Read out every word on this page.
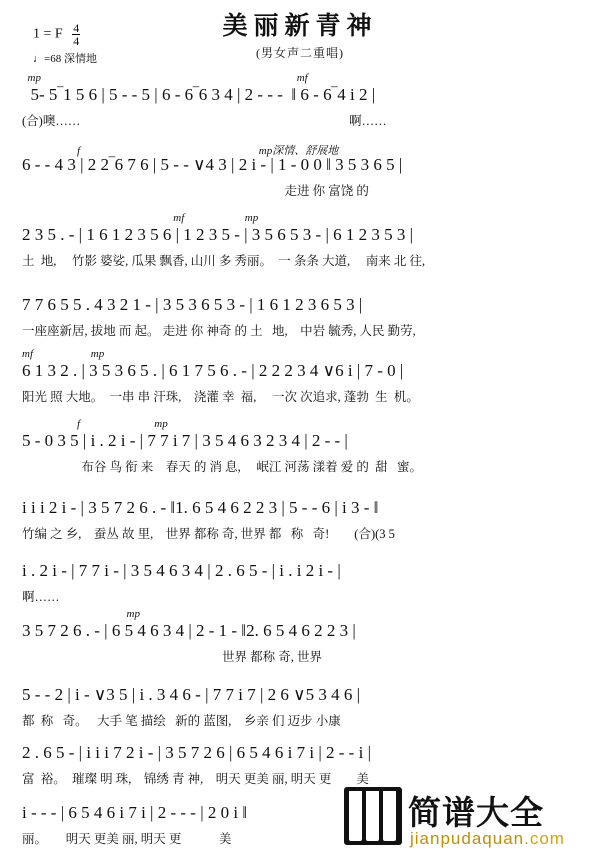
1 = F $\frac{4}{4}$	美丽新青神
(男女声二重唱)
♩=68 深情地
mp                                                                                             mf
5- 5‾1 5 6 | 5 - - 5 | 6 - 6‾6 3 4 | 2 - - -  ‖ 6 - 6‾4 i 2 |
(合)噢……                                                                                      啊……
f                                                                 mp深情、舒展地
6 - - 4 3 | 2 2‾6 7 6 | 5 - - ∨4 3 | 2 i - | 1 - 0 0 ‖ 3 5 3 6 5 |
走进 你 富饶 的
mf                      mp
2 3 5 . - | 1 6 1 2 3 5 6 | 1 2 3 5 - | 3 5 6 5 3 - | 6 1 2 3 5 3 |
土  地,     竹影 婆娑, 瓜果 飘香, 山川 多 秀丽。  一 条条 大道,     南来 北 往,
7 7 6 5 5 . 4 3 2 1 - | 3 5 3 6 5 3 - | 1 6 1 2 3 6 5 3 |
一座座新居, 拔地 而 起。 走进 你 神奇 的 土   地,    中岩 毓秀, 人民 勤劳,
mf                     mp
6 1 3 2 . | 3 5 3 6 5 . | 6 1 7 5 6 . - | 2 2 2 3 4 ∨6 i | 7 - 0 |
阳光 照 大地。  一串 串 汗珠,    浇灌 幸  福,     一次 次追求, 蓬勃  生  机。
f                           mp
5 - 0 3 5 | i . 2 i - | 7 7 i 7 | 3 5 4 6 3 2 3 4 | 2 - - |
布谷 鸟 衔 来    春天 的 消 息,     岷江 河荡 漾着 爱 的  甜   蜜。
i i i 2 i - | 3 5 7 2 6 . - ‖1. 6 5 4 6 2 2 3 | 5 - - 6 | i 3 - ‖
竹编 之 乡,    蚕丛 故 里,    世界 都称 奇, 世界 都   称   奇!        (合)(3 5
i . 2 i - | 7 7 i - | 3 5 4 6 3 4 | 2 . 6 5 - | i . i 2 i - |
啊……
mp
3 5 7 2 6 . - | 6 5 4 6 3 4 | 2 - 1 - ‖2. 6 5 4 6 2 2 3 |
世界 都称 奇, 世界
5 - - 2 | i - ∨3 5 | i . 3 4 6 - | 7 7 i 7 | 2 6 ∨5 3 4 6 |
都  称   奇。   大手 笔 描绘   新的 蓝图,    乡亲 们 迈步 小康
2 . 6 5 - | i i i 7 2 i - | 3 5 7 2 6 | 6 5 4 6 i 7 i | 2 - - i |
富  裕。  璀璨 明 珠,    锦绣 青 神,    明天 更美 丽, 明天 更        美
i - - - | 6 5 4 6 i 7 i | 2 - - - | 2 0 i ‖
丽。      明天 更美 丽, 明天 更            美
简谱大全
jianpudaquan.com
